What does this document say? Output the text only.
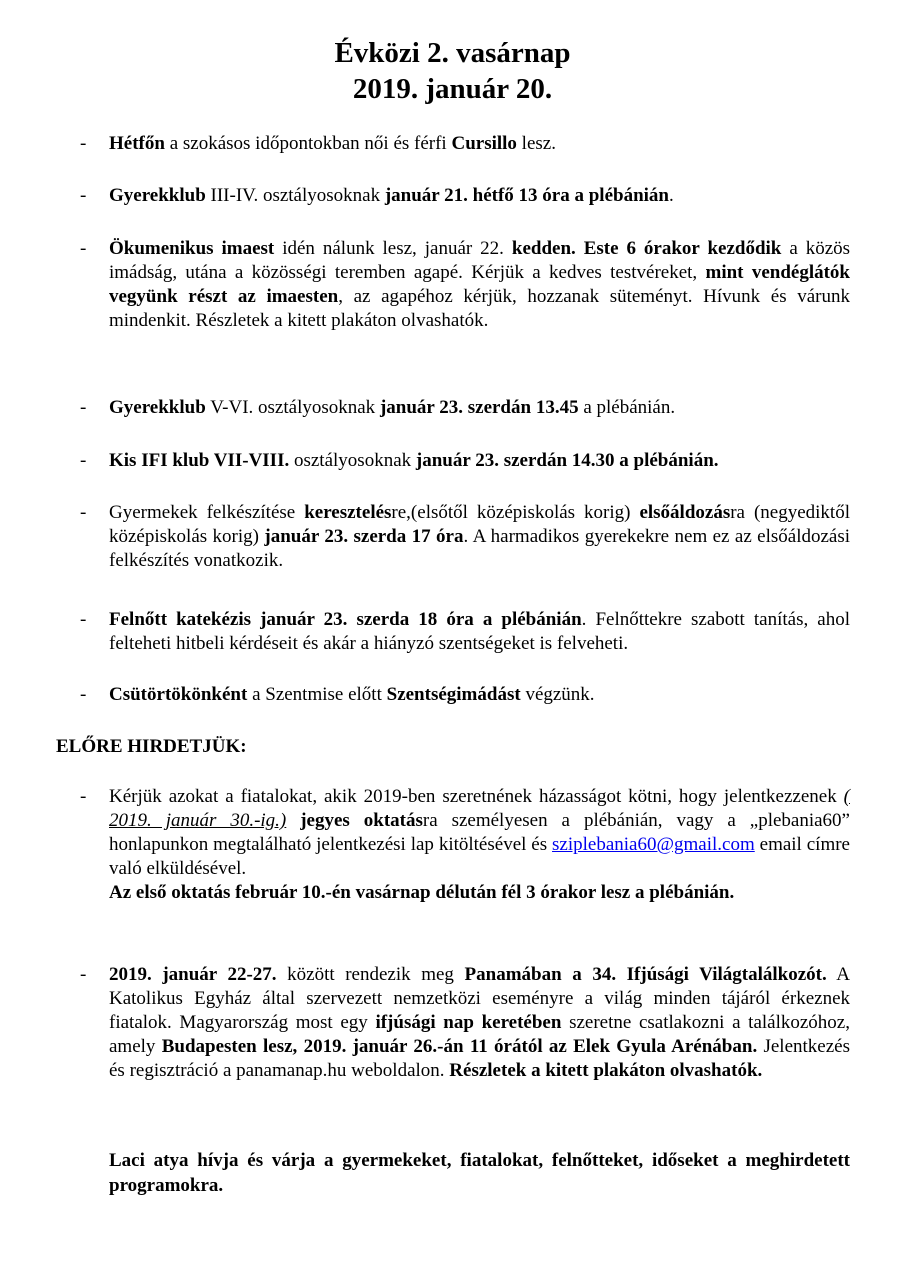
Évközi 2. vasárnap
2019. január 20.
- Hétfőn a szokásos időpontokban női és férfi Cursillo lesz.
- Gyerekklub III-IV. osztályosoknak január 21. hétfő 13 óra a plébánián.
- Ökumenikus imaest idén nálunk lesz, január 22. kedden. Este 6 órakor kezdődik a közös imádság, utána a közösségi teremben agapé. Kérjük a kedves testvéreket, mint vendéglátók vegyünk részt az imaesten, az agapéhoz kérjük, hozzanak süteményt. Hívunk és várunk mindenkit. Részletek a kitett plakáton olvashatók.
- Gyerekklub V-VI. osztályosoknak január 23. szerdán 13.45 a plébánián.
- Kis IFI klub VII-VIII. osztályosoknak január 23. szerdán 14.30 a plébánián.
- Gyermekek felkészítése keresztelésre,(elsőtől középiskolás korig) elsőáldozásra (negyediktől középiskolás korig) január 23. szerda 17 óra. A harmadikos gyerekekre nem ez az elsőáldozási felkészítés vonatkozik.
- Felnőtt katekézis január 23. szerda 18 óra a plébánián. Felnőttekre szabott tanítás, ahol felteheti hitbeli kérdéseit és akár a hiányzó szentségeket is felveheti.
- Csütörtökönként a Szentmise előtt Szentségimádást végzünk.
ELŐRE HIRDETJÜK:
- Kérjük azokat a fiatalokat, akik 2019-ben szeretnének házasságot kötni, hogy jelentkezzenek ( 2019. január 30.-ig.) jegyes oktatásra személyesen a plébánián, vagy a „plebania60” honlapunkon megtalálható jelentkezési lap kitöltésével és sziplebania60@gmail.com email címre való elküldésével.
Az első oktatás február 10.-én vasárnap délután fél 3 órakor lesz a plébánián.
- 2019. január 22-27. között rendezik meg Panamában a 34. Ifjúsági Világtalálkozót. A Katolikus Egyház által szervezett nemzetközi eseményre a világ minden tájáról érkeznek fiatalok. Magyarország most egy ifjúsági nap keretében szeretne csatlakozni a találkozóhoz, amely Budapesten lesz, 2019. január 26.-án 11 órától az Elek Gyula Arénában. Jelentkezés és regisztráció a panamanap.hu weboldalon. Részletek a kitett plakáton olvashatók.
Laci atya hívja és várja a gyermekeket, fiatalokat, felnőtteket, időseket a meghirdetett programokra.
